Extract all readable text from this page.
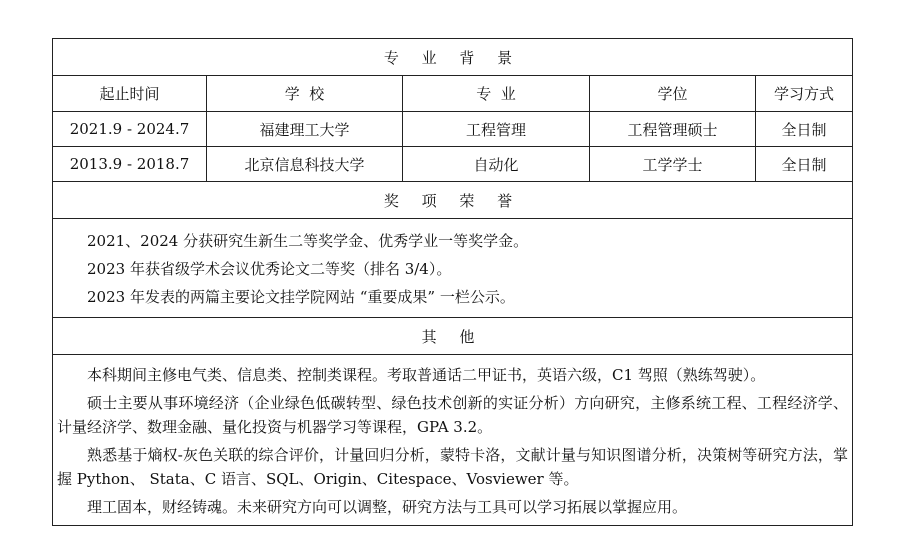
专 业 背 景				
起止时间	学  校	专  业	学位	学习方式
2021.9 - 2024.7	福建理工大学	工程管理	工程管理硕士	全日制
2013.9 - 2018.7	北京信息科技大学	自动化	工学学士	全日制
奖 项 荣 誉				

2021、2024 分获研究生新生二等奖学金、优秀学业一等奖学金。

2023 年获省级学术会议优秀论文二等奖（排名 3/4）。

2023 年发表的两篇主要论文挂学院网站 “重要成果” 一栏公示。				

其 他				

本科期间主修电气类、信息类、控制类课程。考取普通话二甲证书，英语六级，C1 驾照（熟练驾驶）。

硕士主要从事环境经济（企业绿色低碳转型、绿色技术创新的实证分析）方向研究，主修系统工程、工程经济学、计量经济学、数理金融、量化投资与机器学习等课程，GPA 3.2。

熟悉基于熵权-灰色关联的综合评价，计量回归分析，蒙特卡洛，文献计量与知识图谱分析，决策树等研究方法，掌握 Python、 Stata、C 语言、SQL、Origin、Citespace、Vosviewer 等。

理工固本，财经铸魂。未来研究方向可以调整，研究方法与工具可以学习拓展以掌握应用。				
